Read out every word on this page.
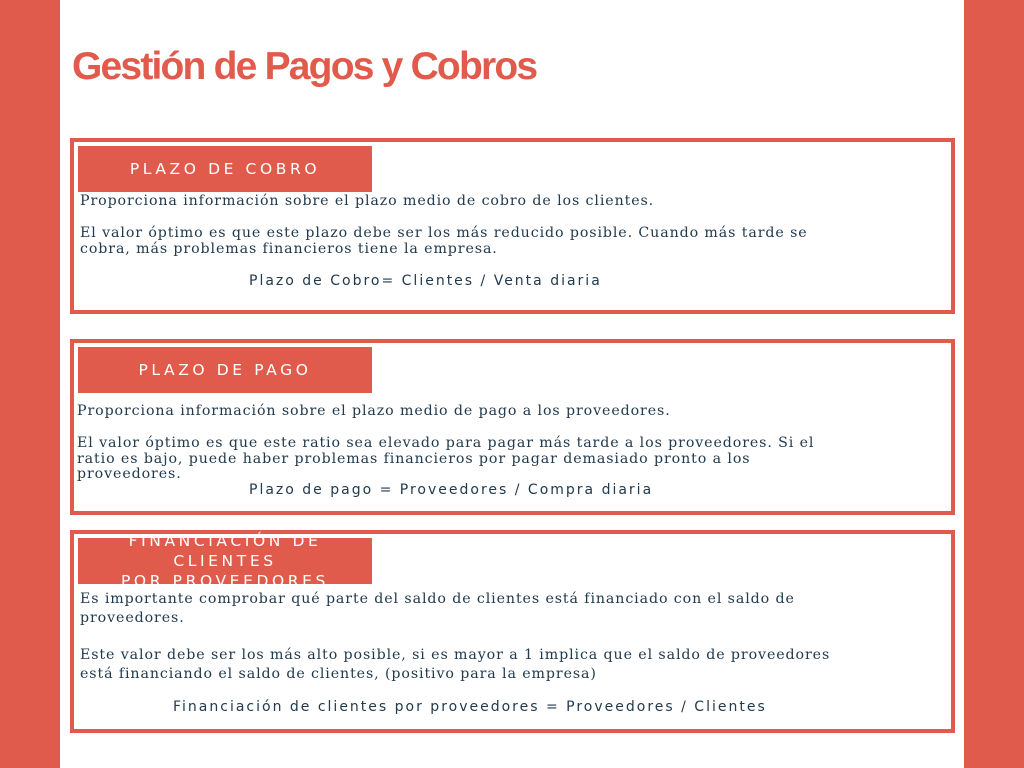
Gestión de Pagos y Cobros
PLAZO DE COBRO
Proporciona información sobre el plazo medio de cobro de los clientes.
El valor óptimo es que este plazo debe ser los más reducido posible. Cuando más tarde se
cobra, más problemas financieros tiene la empresa.
Plazo de Cobro= Clientes / Venta diaria
PLAZO DE PAGO
Proporciona información sobre el plazo medio de pago a los proveedores.
El valor óptimo es que este ratio sea elevado para pagar más tarde a los proveedores. Si el
ratio es bajo, puede haber problemas financieros por pagar demasiado pronto a los
proveedores.
Plazo de pago = Proveedores / Compra diaria
FINANCIACIÓN DE CLIENTES
POR PROVEEDORES
Es importante comprobar qué parte del saldo de clientes está financiado con el saldo de
proveedores.
Este valor debe ser los más alto posible, si es mayor a 1 implica que el saldo de proveedores
está financiando el saldo de clientes, (positivo para la empresa)
Financiación de clientes por proveedores = Proveedores / Clientes
